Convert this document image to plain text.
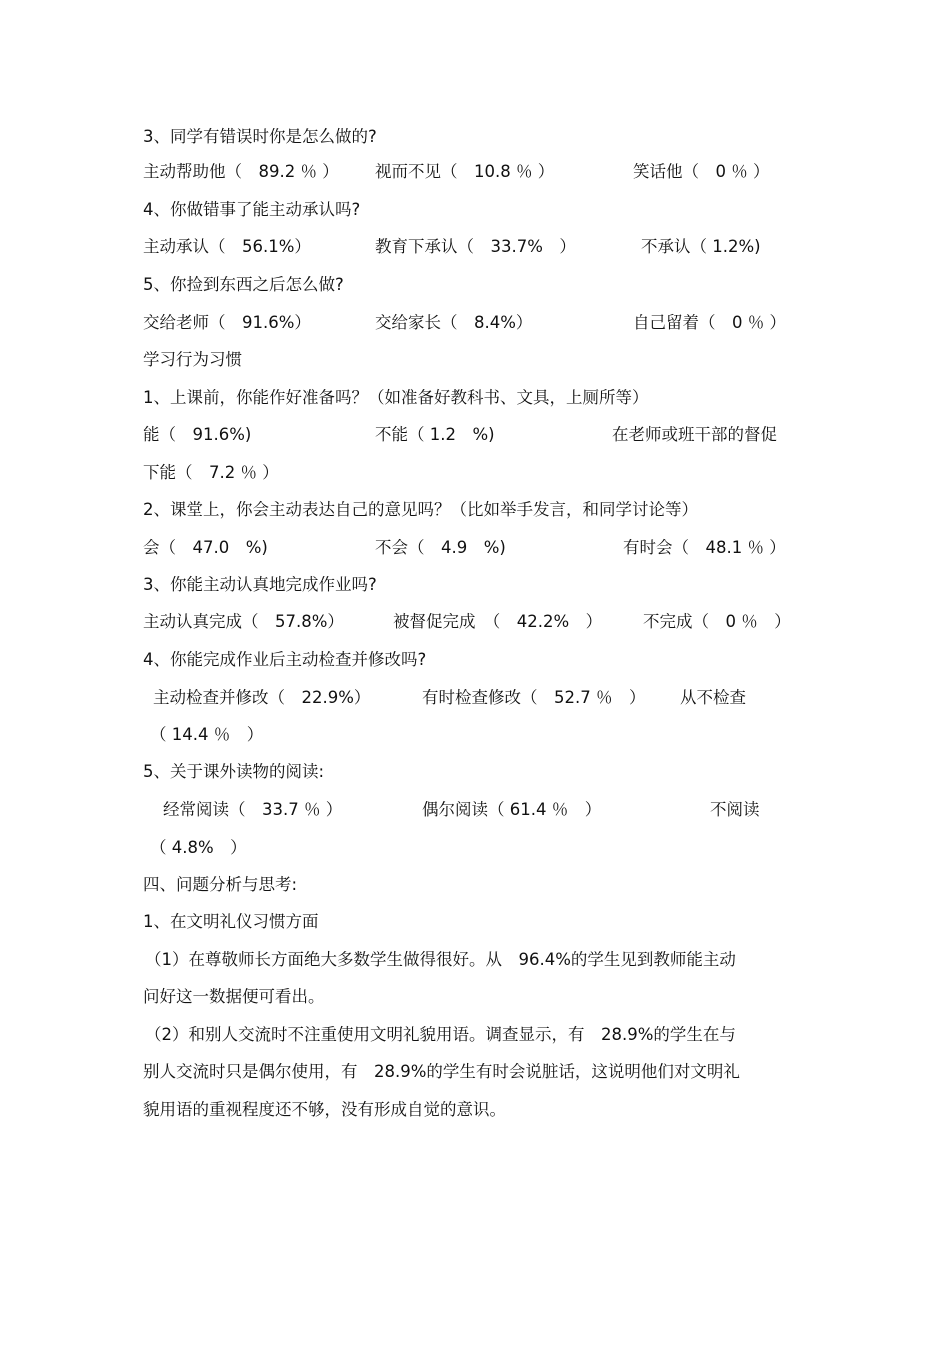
3、同学有错误时你是怎么做的?
主动帮助他（　89.2 ％ ） 视而不见（　10.8 ％ ）	笑话他（　0 ％ ）
4、你做错事了能主动承认吗?
主动承认（　56.1%）	教育下承认（　33.7%　）	不承认（ 1.2%)
5、你捡到东西之后怎么做?
交给老师（　91.6%）	交给家长（　8.4%）	自己留着（　0 ％ ）
学习行为习惯
1、上课前，你能作好准备吗？（如准备好教科书、文具，上厕所等）
能（　91.6%)	不能（ 1.2　%)	在老师或班干部的督促
下能（　7.2 ％ ）
2、课堂上，你会主动表达自己的意见吗？（比如举手发言，和同学讨论等）
会（　47.0　%)	不会（　4.9　%)	有时会（　48.1 ％ ）
3、你能主动认真地完成作业吗?
主动认真完成（　57.8%）	被督促完成　（　42.2%　） 不完成（　0 ％　）
4、你能完成作业后主动检查并修改吗?
主动检查并修改（　22.9%）	有时检查修改（　52.7 ％　） 从不检查
（ 14.4 ％　）
5、关于课外读物的阅读:
经常阅读（　33.7 ％ ）	偶尔阅读（ 61.4 ％　）	不阅读
（ 4.8%　）
四、问题分析与思考:
1、在文明礼仪习惯方面
（1）在尊敬师长方面绝大多数学生做得很好。从　96.4%的学生见到教师能主动
问好这一数据便可看出。
（2）和别人交流时不注重使用文明礼貌用语。调查显示，有　28.9%的学生在与
别人交流时只是偶尔使用，有　28.9%的学生有时会说脏话，这说明他们对文明礼
貌用语的重视程度还不够，没有形成自觉的意识。
